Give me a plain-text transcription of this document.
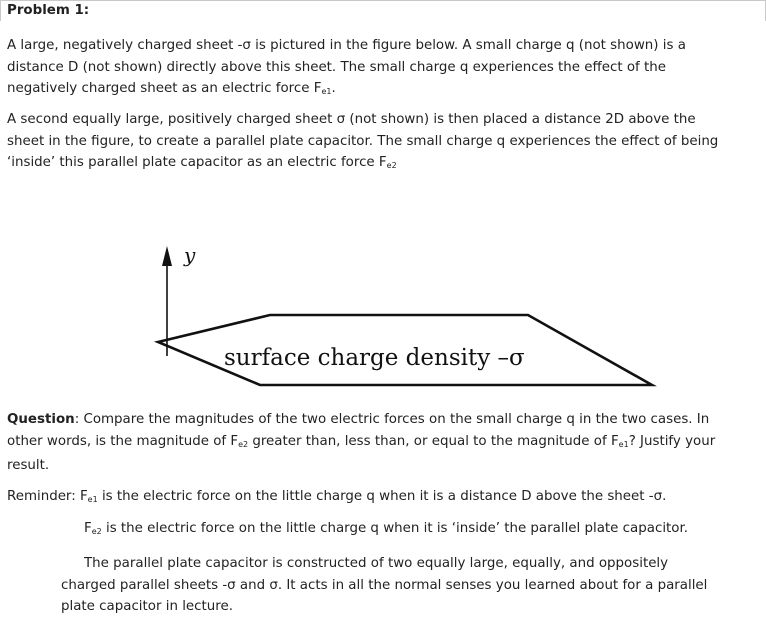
Problem 1:

A large, negatively charged sheet -σ is pictured in the figure below. A small charge q (not shown) is a distance D (not shown) directly above this sheet. The small charge q experiences the effect of the negatively charged sheet as an electric force $F_{e1}$.

A second equally large, positively charged sheet σ (not shown) is then placed a distance 2D above the sheet in the figure, to create a parallel plate capacitor. The small charge q experiences the effect of being ‘inside’ this parallel plate capacitor as an electric force $F_{e2}$

y
surface charge density –σ

Question: Compare the magnitudes of the two electric forces on the small charge q in the two cases. In other words, is the magnitude of $F_{e2}$ greater than, less than, or equal to the magnitude of $F_{e1}$? Justify your result.

Reminder: $F_{e1}$ is the electric force on the little charge q when it is a distance D above the sheet -σ.

$F_{e2}$ is the electric force on the little charge q when it is ‘inside’ the parallel plate capacitor.

The parallel plate capacitor is constructed of two equally large, equally, and oppositely charged parallel sheets -σ and σ. It acts in all the normal senses you learned about for a parallel plate capacitor in lecture.
